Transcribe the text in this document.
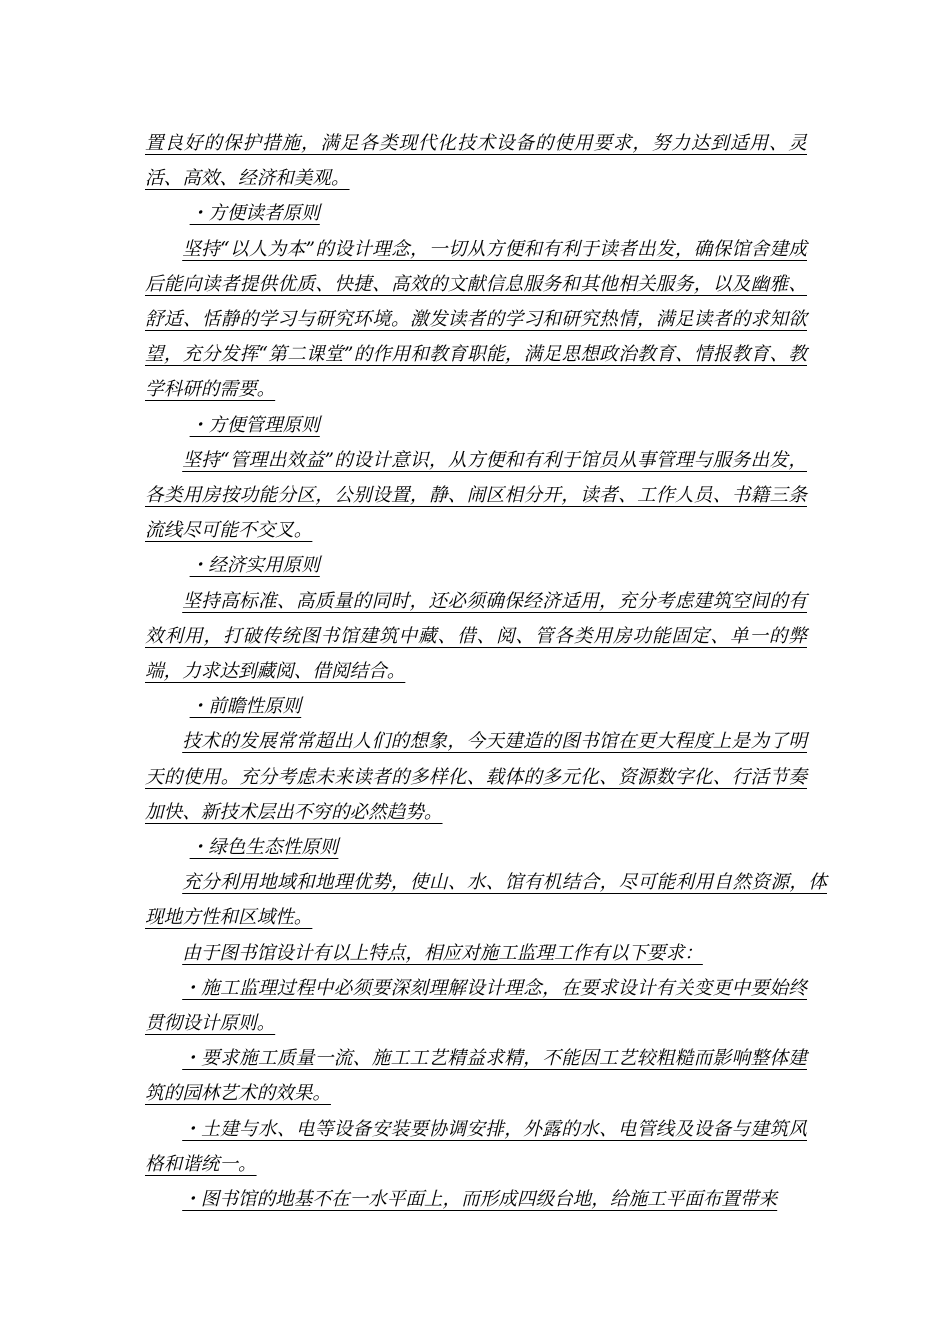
置良好的保护措施，满足各类现代化技术设备的使用要求，努力达到适用、灵活、高效、经济和美观。

・方便读者原则

坚持“以人为本”的设计理念，一切从方便和有利于读者出发，确保馆舍建成后能向读者提供优质、快捷、高效的文献信息服务和其他相关服务，以及幽雅、舒适、恬静的学习与研究环境。激发读者的学习和研究热情，满足读者的求知欲望，充分发挥“第二课堂”的作用和教育职能，满足思想政治教育、情报教育、教学科研的需要。

・方便管理原则

坚持“管理出效益”的设计意识，从方便和有利于馆员从事管理与服务出发，各类用房按功能分区，公别设置，静、闹区相分开，读者、工作人员、书籍三条流线尽可能不交叉。

・经济实用原则

坚持高标准、高质量的同时，还必须确保经济适用，充分考虑建筑空间的有效利用，打破传统图书馆建筑中藏、借、阅、管各类用房功能固定、单一的弊端，力求达到藏阅、借阅结合。

・前瞻性原则

技术的发展常常超出人们的想象，今天建造的图书馆在更大程度上是为了明天的使用。充分考虑未来读者的多样化、载体的多元化、资源数字化、行活节奏加快、新技术层出不穷的必然趋势。

・绿色生态性原则

充分利用地域和地理优势，使山、水、馆有机结合，尽可能利用自然资源，体现地方性和区域性。

由于图书馆设计有以上特点，相应对施工监理工作有以下要求：

・施工监理过程中必须要深刻理解设计理念，在要求设计有关变更中要始终贯彻设计原则。

・要求施工质量一流、施工工艺精益求精，不能因工艺较粗糙而影响整体建筑的园林艺术的效果。

・土建与水、电等设备安装要协调安排，外露的水、电管线及设备与建筑风格和谐统一。

・图书馆的地基不在一水平面上，而形成四级台地，给施工平面布置带来
